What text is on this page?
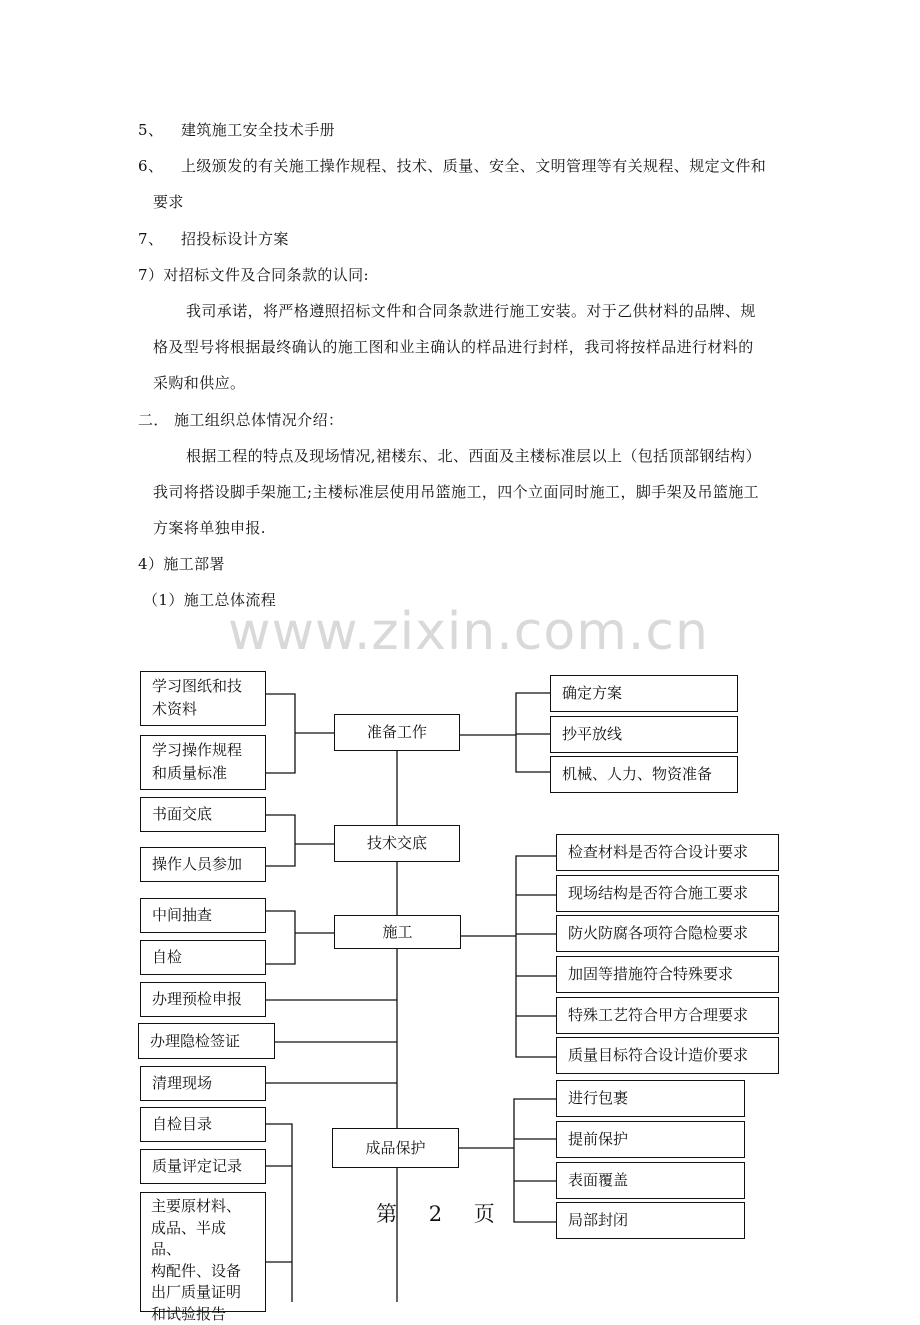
5、 建筑施工安全技术手册
6、 上级颁发的有关施工操作规程、技术、质量、安全、文明管理等有关规程、规定文件和
要求
7、 招投标设计方案
7）对招标文件及合同条款的认同:
我司承诺，将严格遵照招标文件和合同条款进行施工安装。对于乙供材料的品牌、规
格及型号将根据最终确认的施工图和业主确认的样品进行封样，我司将按样品进行材料的
采购和供应。
二． 施工组织总体情况介绍：
根据工程的特点及现场情况,裙楼东、北、西面及主楼标准层以上（包括顶部钢结构）
我司将搭设脚手架施工;主楼标准层使用吊篮施工，四个立面同时施工，脚手架及吊篮施工
方案将单独申报.
4）施工部署
（1）施工总体流程
www.zixin.com.cn
学习图纸和技
术资料
学习操作规程
和质量标准
书面交底
操作人员参加
中间抽查
自检
办理预检申报
办理隐检签证
清理现场
自检目录
质量评定记录
主要原材料、
成品、半成品、
构配件、设备
出厂质量证明
和试验报告
准备工作
技术交底
施工
成品保护
确定方案
抄平放线
机械、人力、物资准备
检查材料是否符合设计要求
现场结构是否符合施工要求
防火防腐各项符合隐检要求
加固等措施符合特殊要求
特殊工艺符合甲方合理要求
质量目标符合设计造价要求
进行包裹
提前保护
表面覆盖
局部封闭
第    2    页
